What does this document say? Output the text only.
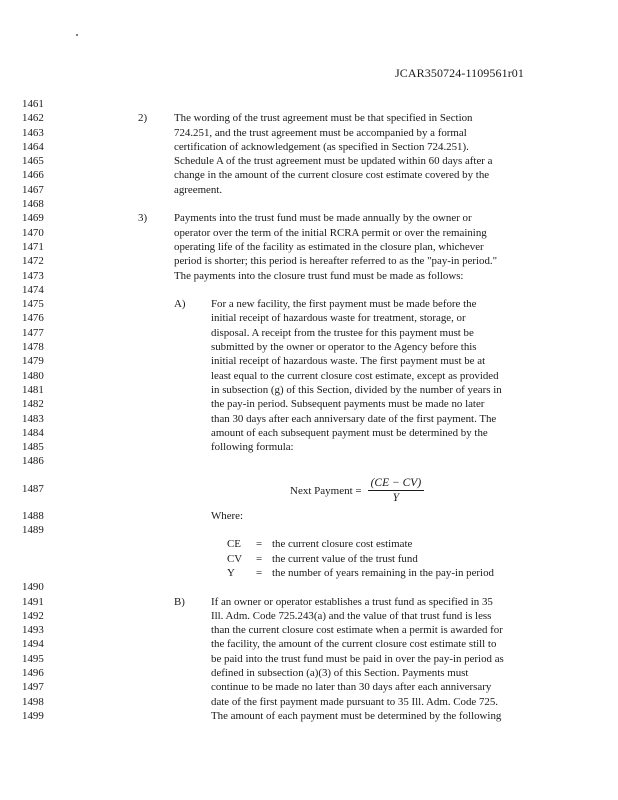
JCAR350724-1109561r01
1461
1462	2) The wording of the trust agreement must be that specified in Section
1463	724.251, and the trust agreement must be accompanied by a formal
1464	certification of acknowledgement (as specified in Section 724.251).
1465	Schedule A of the trust agreement must be updated within 60 days after a
1466	change in the amount of the current closure cost estimate covered by the
1467	agreement.
1468
1469	3) Payments into the trust fund must be made annually by the owner or
1470	operator over the term of the initial RCRA permit or over the remaining
1471	operating life of the facility as estimated in the closure plan, whichever
1472	period is shorter; this period is hereafter referred to as the "pay-in period."
1473	The payments into the closure trust fund must be made as follows:
1474
1475	A) For a new facility, the first payment must be made before the
1476	initial receipt of hazardous waste for treatment, storage, or
1477	disposal. A receipt from the trustee for this payment must be
1478	submitted by the owner or operator to the Agency before this
1479	initial receipt of hazardous waste. The first payment must be at
1480	least equal to the current closure cost estimate, except as provided
1481	in subsection (g) of this Section, divided by the number of years in
1482	the pay-in period. Subsequent payments must be made no later
1483	than 30 days after each anniversary date of the first payment. The
1484	amount of each subsequent payment must be determined by the
1485	following formula:
1486
1487	Next Payment = $\frac{(CE - CV)}{Y}$
1488	Where:
1489
CE = the current closure cost estimate
CV = the current value of the trust fund
Y = the number of years remaining in the pay-in period
1490
1491	B) If an owner or operator establishes a trust fund as specified in 35
1492	Ill. Adm. Code 725.243(a) and the value of that trust fund is less
1493	than the current closure cost estimate when a permit is awarded for
1494	the facility, the amount of the current closure cost estimate still to
1495	be paid into the trust fund must be paid in over the pay-in period as
1496	defined in subsection (a)(3) of this Section. Payments must
1497	continue to be made no later than 30 days after each anniversary
1498	date of the first payment made pursuant to 35 Ill. Adm. Code 725.
1499	The amount of each payment must be determined by the following
